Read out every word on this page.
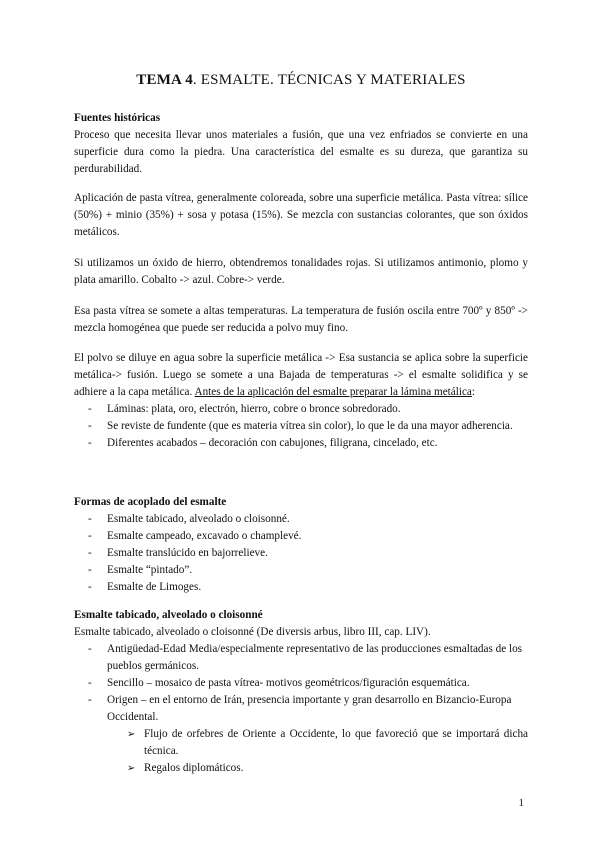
TEMA 4. ESMALTE. TÉCNICAS Y MATERIALES
Fuentes históricas
Proceso que necesita llevar unos materiales a fusión, que una vez enfriados se convierte en una superficie dura como la piedra. Una característica del esmalte es su dureza, que garantiza su perdurabilidad.
Aplicación de pasta vítrea, generalmente coloreada, sobre una superficie metálica. Pasta vítrea: sílice (50%) + minio (35%) + sosa y potasa (15%). Se mezcla con sustancias colorantes, que son óxidos metálicos.
Si utilizamos un óxido de hierro, obtendremos tonalidades rojas. Si utilizamos antimonio, plomo y plata amarillo. Cobalto -> azul. Cobre-> verde.
Esa pasta vítrea se somete a altas temperaturas. La temperatura de fusión oscila entre 700º y 850º -> mezcla homogénea que puede ser reducida a polvo muy fino.
El polvo se diluye en agua sobre la superficie metálica -> Esa sustancia se aplica sobre la superficie metálica-> fusión. Luego se somete a una Bajada de temperaturas -> el esmalte solidifica y se adhiere a la capa metálica. Antes de la aplicación del esmalte preparar la lámina metálica:
- Láminas: plata, oro, electrón, hierro, cobre o bronce sobredorado.
- Se reviste de fundente (que es materia vítrea sin color), lo que le da una mayor adherencia.
- Diferentes acabados – decoración con cabujones, filigrana, cincelado, etc.
Formas de acoplado del esmalte
- Esmalte tabicado, alveolado o cloisonné.
- Esmalte campeado, excavado o champlevé.
- Esmalte translúcido en bajorrelieve.
- Esmalte “pintado”.
- Esmalte de Limoges.
Esmalte tabicado, alveolado o cloisonné
Esmalte tabicado, alveolado o cloisonné (De diversis arbus, libro III, cap. LIV).
- Antigüedad-Edad Media/especialmente representativo de las producciones esmaltadas de los pueblos germánicos.
- Sencillo – mosaico de pasta vítrea- motivos geométricos/figuración esquemática.
- Origen – en el entorno de Irán, presencia importante y gran desarrollo en Bizancio-Europa Occidental.
➢ Flujo de orfebres de Oriente a Occidente, lo que favoreció que se importará dicha técnica.
➢ Regalos diplomáticos.
1
